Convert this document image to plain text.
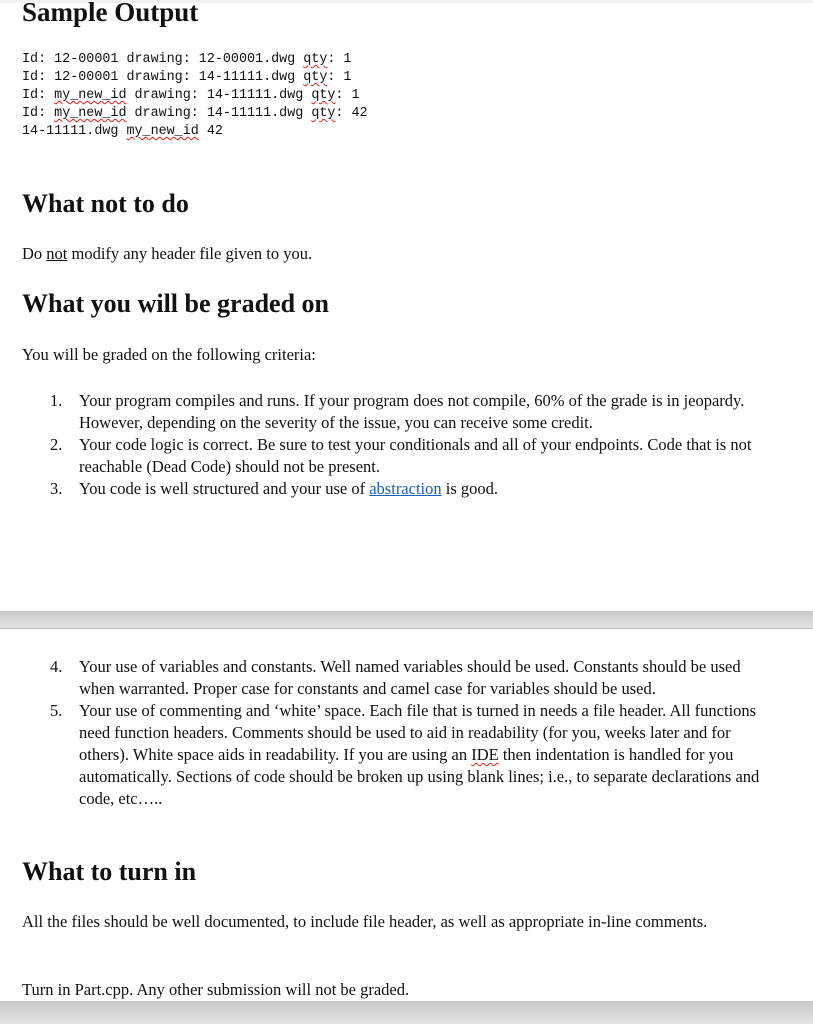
Sample Output
Id: 12-00001 drawing: 12-00001.dwg qty: 1
Id: 12-00001 drawing: 14-11111.dwg qty: 1
Id: my_new_id drawing: 14-11111.dwg qty: 1
Id: my_new_id drawing: 14-11111.dwg qty: 42
14-11111.dwg my_new_id 42
What not to do
Do not modify any header file given to you.
What you will be graded on
You will be graded on the following criteria:
1. Your program compiles and runs. If your program does not compile, 60% of the grade is in jeopardy. However, depending on the severity of the issue, you can receive some credit.
2. Your code logic is correct. Be sure to test your conditionals and all of your endpoints. Code that is not reachable (Dead Code) should not be present.
3. You code is well structured and your use of abstraction is good.
4. Your use of variables and constants. Well named variables should be used. Constants should be used when warranted. Proper case for constants and camel case for variables should be used.
5. Your use of commenting and ‘white’ space. Each file that is turned in needs a file header. All functions need function headers. Comments should be used to aid in readability (for you, weeks later and for others). White space aids in readability. If you are using an IDE then indentation is handled for you automatically. Sections of code should be broken up using blank lines; i.e., to separate declarations and code, etc…..
What to turn in
All the files should be well documented, to include file header, as well as appropriate in-line comments.
Turn in Part.cpp. Any other submission will not be graded.
